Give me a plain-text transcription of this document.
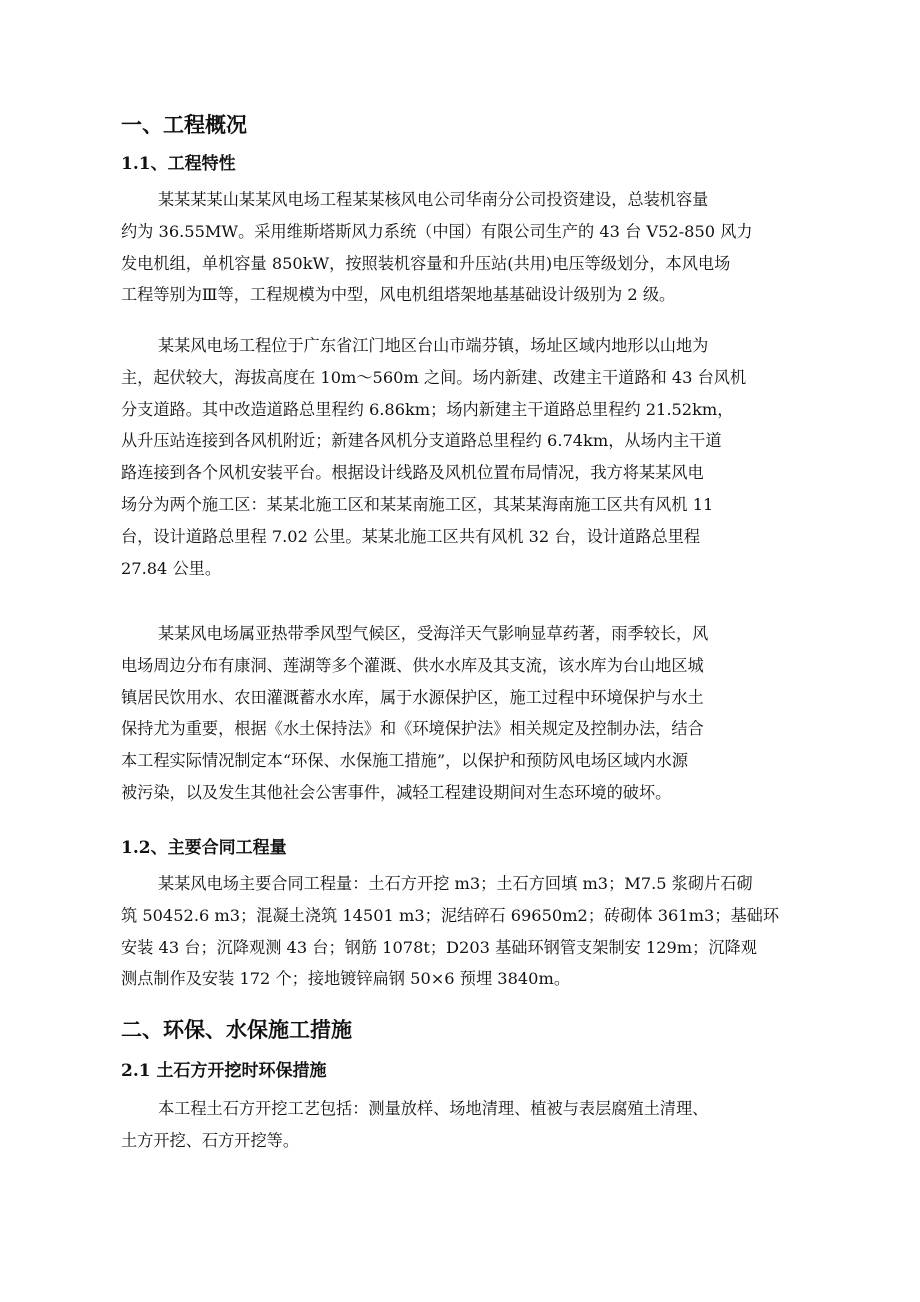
一、工程概况
1.1、工程特性
某某某某山某某风电场工程某某核风电公司华南分公司投资建设，总装机容量
约为 36.55MW。采用维斯塔斯风力系统（中国）有限公司生产的 43 台 V52-850 风力
发电机组，单机容量 850kW，按照装机容量和升压站(共用)电压等级划分，本风电场
工程等别为Ⅲ等，工程规模为中型，风电机组塔架地基基础设计级别为 2 级。
某某风电场工程位于广东省江门地区台山市端芬镇，场址区域内地形以山地为
主，起伏较大，海拔高度在 10m～560m 之间。场内新建、改建主干道路和 43 台风机
分支道路。其中改造道路总里程约 6.86km；场内新建主干道路总里程约 21.52km，
从升压站连接到各风机附近；新建各风机分支道路总里程约 6.74km，从场内主干道
路连接到各个风机安装平台。根据设计线路及风机位置布局情况，我方将某某风电
场分为两个施工区：某某北施工区和某某南施工区，其某某海南施工区共有风机 11
台，设计道路总里程 7.02 公里。某某北施工区共有风机 32 台，设计道路总里程
27.84 公里。
某某风电场属亚热带季风型气候区，受海洋天气影响显草药著，雨季较长，风
电场周边分布有康洞、莲湖等多个灌溉、供水水库及其支流，该水库为台山地区城
镇居民饮用水、农田灌溉蓄水水库，属于水源保护区，施工过程中环境保护与水土
保持尤为重要，根据《水土保持法》和《环境保护法》相关规定及控制办法，结合
本工程实际情况制定本“环保、水保施工措施”，以保护和预防风电场区域内水源
被污染，以及发生其他社会公害事件，减轻工程建设期间对生态环境的破坏。
1.2、主要合同工程量
某某风电场主要合同工程量：土石方开挖 m3；土石方回填 m3；M7.5 浆砌片石砌
筑 50452.6 m3；混凝土浇筑 14501 m3；泥结碎石 69650m2；砖砌体 361m3；基础环
安装 43 台；沉降观测 43 台；钢筋 1078t；D203 基础环钢管支架制安 129m；沉降观
测点制作及安装 172 个；接地镀锌扁钢 50×6 预埋 3840m。
二、环保、水保施工措施
2.1 土石方开挖时环保措施
本工程土石方开挖工艺包括：测量放样、场地清理、植被与表层腐殖土清理、
土方开挖、石方开挖等。
